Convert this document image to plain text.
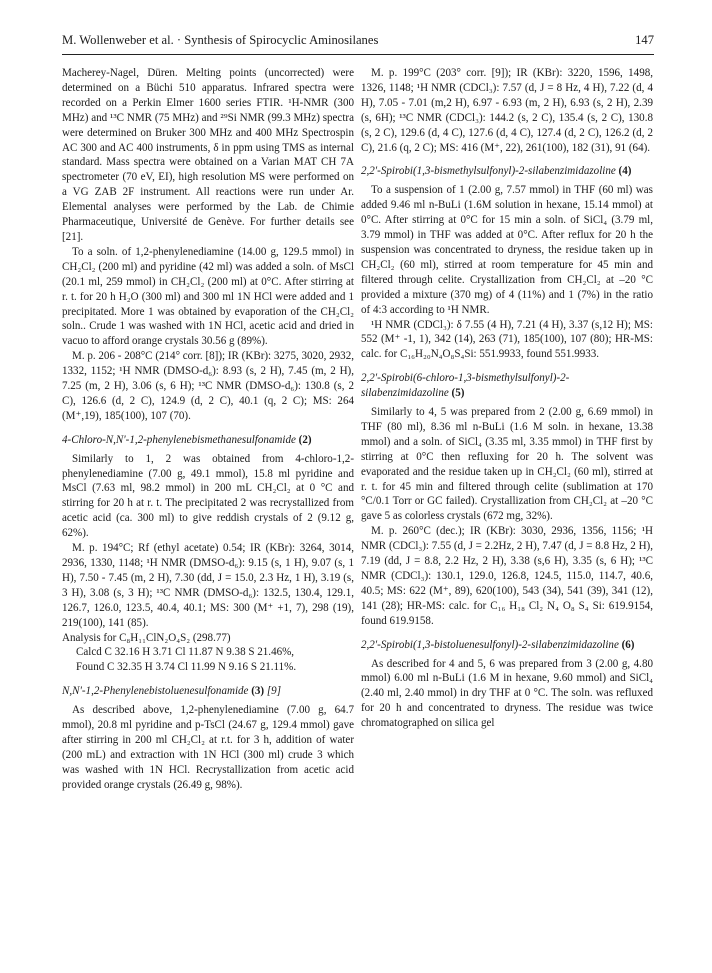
M. Wollenweber et al. · Synthesis of Spirocyclic Aminosilanes	147

Macherey-Nagel, Düren. Melting points (uncorrected) were determined on a Büchi 510 apparatus. Infrared spectra were recorded on a Perkin Elmer 1600 series FTIR. ¹H-NMR (300 MHz) and ¹³C NMR (75 MHz) and ²⁹Si NMR (99.3 MHz) spectra were determined on Bruker 300 MHz and 400 MHz Spectrospin AC 300 and AC 400 instruments, δ in ppm using TMS as internal standard. Mass spectra were obtained on a Varian MAT CH 7A spectrometer (70 eV, EI), high resolution MS were performed on a VG ZAB 2F instrument. All reactions were run under Ar. Elemental analyses were performed by the Lab. de Chimie Pharmaceutique, Université de Genève. For further details see [21].

To a soln. of 1,2-phenylenediamine (14.00 g, 129.5 mmol) in CH₂Cl₂ (200 ml) and pyridine (42 ml) was added a soln. of MsCl (20.1 ml, 259 mmol) in CH₂Cl₂ (200 ml) at 0°C. After stirring at r. t. for 20 h H₂O (300 ml) and 300 ml 1N HCl were added and 1 precipitated. More 1 was obtained by evaporation of the CH₂Cl₂ soln.. Crude 1 was washed with 1N HCl, acetic acid and dried in vacuo to afford orange crystals 30.56 g (89%).

M. p. 206 - 208°C (214° corr. [8]); IR (KBr): 3275, 3020, 2932, 1332, 1152; ¹H NMR (DMSO-d₆): 8.93 (s, 2 H), 7.45 (m, 2 H), 7.25 (m, 2 H), 3.06 (s, 6 H); ¹³C NMR (DMSO-d₆): 130.8 (s, 2 C), 126.6 (d, 2 C), 124.9 (d, 2 C), 40.1 (q, 2 C); MS: 264 (M⁺,19), 185(100), 107 (70).

4-Chloro-N,N'-1,2-phenylenebismethanesulfonamide (2)

Similarly to 1, 2 was obtained from 4-chloro-1,2-phenylenediamine (7.00 g, 49.1 mmol), 15.8 ml pyridine and MsCl (7.63 ml, 98.2 mmol) in 200 mL CH₂Cl₂ at 0 °C and stirring for 20 h at r. t. The precipitated 2 was recrystallized from acetic acid (ca. 300 ml) to give reddish crystals of 2 (9.12 g, 62%).

M. p. 194°C; Rf (ethyl acetate) 0.54; IR (KBr): 3264, 3014, 2936, 1330, 1148; ¹H NMR (DMSO-d₆): 9.15 (s, 1 H), 9.07 (s, 1 H), 7.50 - 7.45 (m, 2 H), 7.30 (dd, J = 15.0, 2.3 Hz, 1 H), 3.19 (s, 3 H), 3.08 (s, 3 H); ¹³C NMR (DMSO-d₆): 132.5, 130.4, 129.1, 126.7, 126.0, 123.5, 40.4, 40.1; MS: 300 (M⁺ +1, 7), 298 (19), 219(100), 141 (85).

Analysis for C₈H₁₁ClN₂O₄S₂ (298.77)
Calcd C 32.16 H 3.71 Cl 11.87 N 9.38 S 21.46%,
Found C 32.35 H 3.74 Cl 11.99 N 9.16 S 21.11%.

N,N'-1,2-Phenylenebistoluenesulfonamide (3) [9]

As described above, 1,2-phenylenediamine (7.00 g, 64.7 mmol), 20.8 ml pyridine and p-TsCl (24.67 g, 129.4 mmol) gave after stirring in 200 ml CH₂Cl₂ at r.t. for 3 h, addition of water (200 mL) and extraction with 1N HCl (300 ml) crude 3 which was washed with 1N HCl. Recrystallization from acetic acid provided orange crystals (26.49 g, 98%).

M. p. 199°C (203° corr. [9]); IR (KBr): 3220, 1596, 1498, 1326, 1148; ¹H NMR (CDCl₃): 7.57 (d, J = 8 Hz, 4 H), 7.22 (d, 4 H), 7.05 - 7.01 (m,2 H), 6.97 - 6.93 (m, 2 H), 6.93 (s, 2 H), 2.39 (s, 6H); ¹³C NMR (CDCl₃): 144.2 (s, 2 C), 135.4 (s, 2 C), 130.8 (s, 2 C), 129.6 (d, 4 C), 127.6 (d, 4 C), 127.4 (d, 2 C), 126.2 (d, 2 C), 21.6 (q, 2 C); MS: 416 (M⁺, 22), 261(100), 182 (31), 91 (64).

2,2'-Spirobi(1,3-bismethylsulfonyl)-2-silabenzimidazoline (4)

To a suspension of 1 (2.00 g, 7.57 mmol) in THF (60 ml) was added 9.46 ml n-BuLi (1.6M solution in hexane, 15.14 mmol) at 0°C. After stirring at 0°C for 15 min a soln. of SiCl₄ (3.79 ml, 3.79 mmol) in THF was added at 0°C. After reflux for 20 h the suspension was concentrated to dryness, the residue taken up in CH₂Cl₂ (60 ml), stirred at room temperature for 45 min and filtered through celite. Crystallization from CH₂Cl₂ at –20 °C provided a mixture (370 mg) of 4 (11%) and 1 (7%) in the ratio of 4:3 according to ¹H NMR.

¹H NMR (CDCl₃): δ 7.55 (4 H), 7.21 (4 H), 3.37 (s,12 H); MS: 552 (M⁺ -1, 1), 342 (14), 263 (71), 185(100), 107 (80); HR-MS: calc. for C₁₆H₂₀N₄O₈S₄Si: 551.9933, found 551.9933.

2,2'-Spirobi(6-chloro-1,3-bismethylsulfonyl)-2-silabenzimidazoline (5)

Similarly to 4, 5 was prepared from 2 (2.00 g, 6.69 mmol) in THF (80 ml), 8.36 ml n-BuLi (1.6 M soln. in hexane, 13.38 mmol) and a soln. of SiCl₄ (3.35 ml, 3.35 mmol) in THF first by stirring at 0°C then refluxing for 20 h. The solvent was evaporated and the residue taken up in CH₂Cl₂ (60 ml), stirred at r. t. for 45 min and filtered through celite (sublimation at 170 °C/0.1 Torr or GC failed). Crystallization from CH₂Cl₂ at –20 °C gave 5 as colorless crystals (672 mg, 32%).

M. p. 260°C (dec.); IR (KBr): 3030, 2936, 1356, 1156; ¹H NMR (CDCl₃): 7.55 (d, J = 2.2Hz, 2 H), 7.47 (d, J = 8.8 Hz, 2 H), 7.19 (dd, J = 8.8, 2.2 Hz, 2 H), 3.38 (s,6 H), 3.35 (s, 6 H); ¹³C NMR (CDCl₃): 130.1, 129.0, 126.8, 124.5, 115.0, 114.7, 40.6, 40.5; MS: 622 (M⁺, 89), 620(100), 543 (34), 541 (39), 341 (12), 141 (28); HR-MS: calc. for C₁₆ H₁₈ Cl₂ N₄ O₈ S₄ Si: 619.9154, found 619.9158.

2,2'-Spirobi(1,3-bistoluenesulfonyl)-2-silabenzimidazoline (6)

As described for 4 and 5, 6 was prepared from 3 (2.00 g, 4.80 mmol) 6.00 ml n-BuLi (1.6 M in hexane, 9.60 mmol) and SiCl₄ (2.40 ml, 2.40 mmol) in dry THF at 0 °C. The soln. was refluxed for 20 h and concentrated to dryness. The residue was twice chromatographed on silica gel
